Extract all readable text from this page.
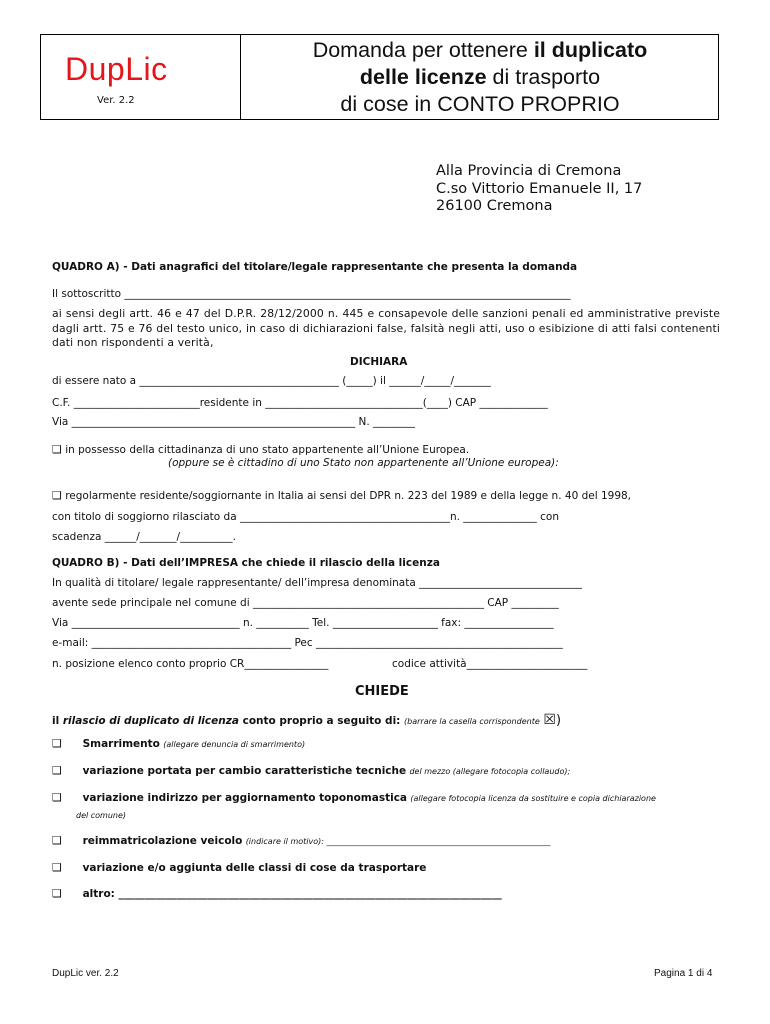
DupLic
Ver. 2.2
Domanda per ottenere il duplicato
delle licenze di trasporto
di cose in CONTO PROPRIO
Alla Provincia di Cremona
C.so Vittorio Emanuele II, 17
26100 Cremona
QUADRO A) - Dati anagrafici del titolare/legale rappresentante che presenta la domanda
Il sottoscritto _____________________________________________________________________________________
ai sensi degli artt. 46 e 47 del D.P.R. 28/12/2000 n. 445 e consapevole delle sanzioni penali ed amministrative previste dagli artt. 75 e 76 del testo unico, in caso di dichiarazioni false, falsità negli atti, uso o esibizione di atti falsi contenenti dati non rispondenti a verità,
DICHIARA
di essere nato a ______________________________________ (_____) il ______/_____/_______
C.F. ________________________residente in ______________________________(____) CAP _____________
Via ______________________________________________________ N. ________
❑ in possesso della cittadinanza di uno stato appartenente all’Unione Europea.
(oppure se è cittadino di uno Stato non appartenente all’Unione europea):
❑ regolarmente residente/soggiornante in Italia ai sensi del DPR n. 223 del 1989 e della legge n. 40 del 1998,
con titolo di soggiorno rilasciato da ________________________________________n. ______________ con
scadenza ______/_______/__________.
QUADRO B) - Dati dell’IMPRESA che chiede il rilascio della licenza
In qualità di titolare/ legale rappresentante/ dell’impresa denominata _______________________________
avente sede principale nel comune di ____________________________________________ CAP _________
Via ________________________________ n. __________ Tel. ____________________ fax: _________________
e-mail: ______________________________________ Pec _______________________________________________
n. posizione elenco conto proprio CR________________	codice attività_______________________
CHIEDE
il rilascio di duplicato di licenza conto proprio a seguito di: (barrare la casella corrispondente ☒)
❑ Smarrimento (allegare denuncia di smarrimento)
❑ variazione portata per cambio caratteristiche tecniche del mezzo (allegare fotocopia collaudo);
❑ variazione indirizzo per aggiornamento toponomastica (allegare fotocopia licenza da sostituire e copia dichiarazione
del comune)
❑ reimmatricolazione veicolo (indicare il motivo): ________________________________________________________
❑ variazione e/o aggiunta delle classi di cose da trasportare
❑ altro: _________________________________________________________________________
DupLic ver. 2.2	Pagina 1 di 4
